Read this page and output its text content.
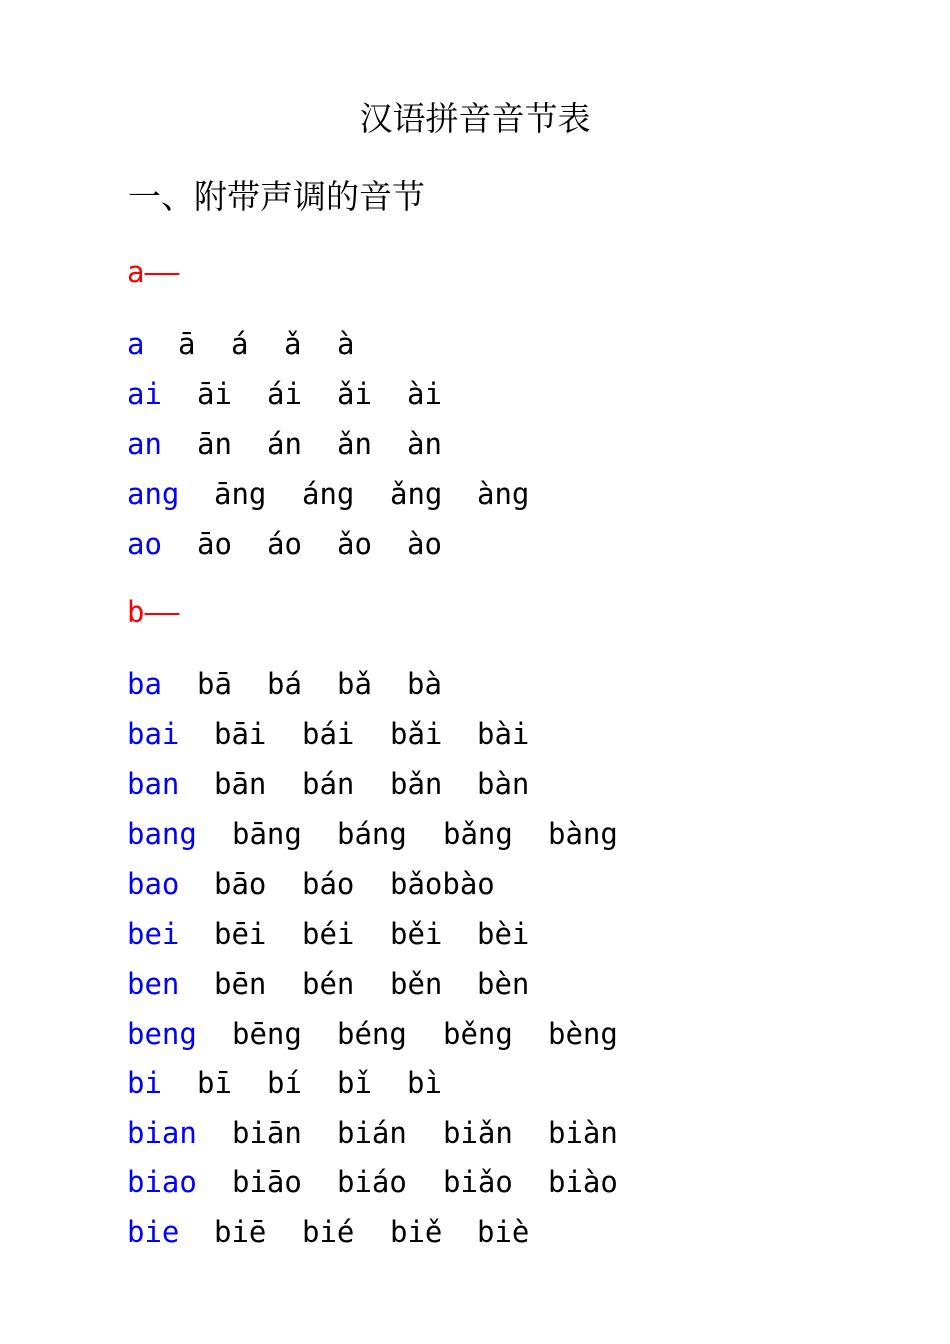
汉语拼音音节表
一、附带声调的音节
a——
a ā á ǎ à
ai āi ái ǎi ài
an ān án ǎn àn
ang āng áng ǎng àng
ao āo áo ǎo ào
b——
ba bā bá bǎ bà
bai bāi bái bǎi bài
ban bān bán bǎn bàn
bang bāng báng bǎng bàng
bao bāo báo bǎobào
bei bēi béi běi bèi
ben bēn bén běn bèn
beng bēng béng běng bèng
bi bī bí bǐ bì
bian biān bián biǎn biàn
biao biāo biáo biǎo biào
bie biē bié biě biè
